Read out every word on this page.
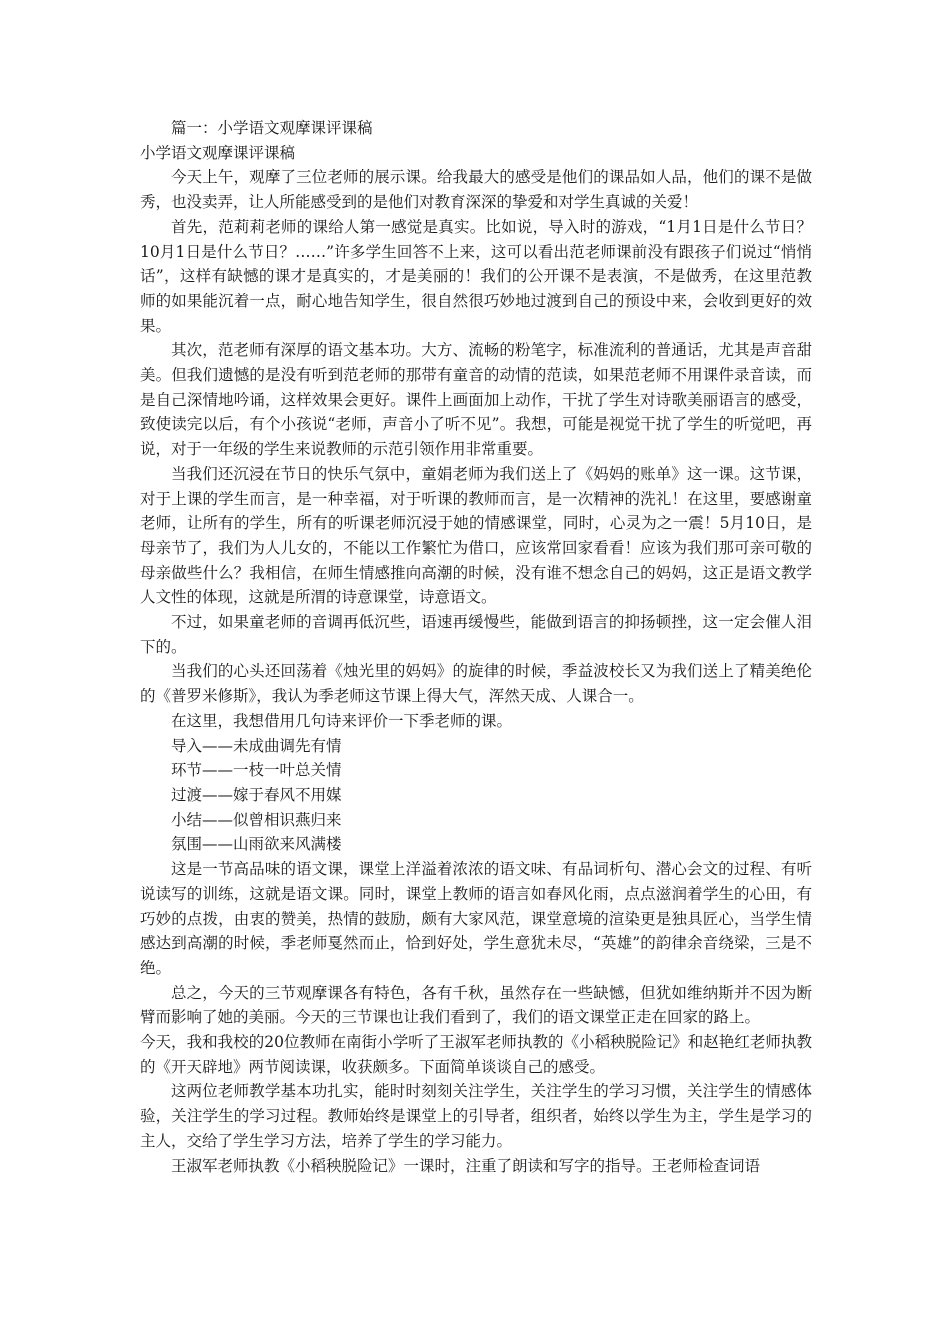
篇一：小学语文观摩课评课稿

小学语文观摩课评课稿

今天上午，观摩了三位老师的展示课。给我最大的感受是他们的课品如人品，他们的课不是做秀，也没卖弄，让人所能感受到的是他们对教育深深的挚爱和对学生真诚的关爱！

首先，范莉莉老师的课给人第一感觉是真实。比如说，导入时的游戏，“1月1日是什么节日？10月1日是什么节日？……”许多学生回答不上来，这可以看出范老师课前没有跟孩子们说过“悄悄话”，这样有缺憾的课才是真实的，才是美丽的！我们的公开课不是表演，不是做秀，在这里范教师的如果能沉着一点，耐心地告知学生，很自然很巧妙地过渡到自己的预设中来，会收到更好的效果。

其次，范老师有深厚的语文基本功。大方、流畅的粉笔字，标准流利的普通话，尤其是声音甜美。但我们遗憾的是没有听到范老师的那带有童音的动情的范读，如果范老师不用课件录音读，而是自己深情地吟诵，这样效果会更好。课件上画面加上动作，干扰了学生对诗歌美丽语言的感受，致使读完以后，有个小孩说“老师，声音小了听不见”。我想，可能是视觉干扰了学生的听觉吧，再说，对于一年级的学生来说教师的示范引领作用非常重要。

当我们还沉浸在节日的快乐气氛中，童娟老师为我们送上了《妈妈的账单》这一课。这节课，对于上课的学生而言，是一种幸福，对于听课的教师而言，是一次精神的洗礼！在这里，要感谢童老师，让所有的学生，所有的听课老师沉浸于她的情感课堂，同时，心灵为之一震！5月10日，是母亲节了，我们为人儿女的，不能以工作繁忙为借口，应该常回家看看！应该为我们那可亲可敬的母亲做些什么？我相信，在师生情感推向高潮的时候，没有谁不想念自己的妈妈，这正是语文教学人文性的体现，这就是所渭的诗意课堂，诗意语文。

不过，如果童老师的音调再低沉些，语速再缓慢些，能做到语言的抑扬顿挫，这一定会催人泪下的。

当我们的心头还回荡着《烛光里的妈妈》的旋律的时候，季益波校长又为我们送上了精美绝伦的《普罗米修斯》，我认为季老师这节课上得大气，浑然天成、人课合一。

在这里，我想借用几句诗来评价一下季老师的课。

导入——未成曲调先有情

环节——一枝一叶总关情

过渡——嫁于春风不用媒

小结——似曾相识燕归来

氛围——山雨欲来风满楼

这是一节高品味的语文课，课堂上洋溢着浓浓的语文味、有品词析句、潜心会文的过程、有听说读写的训练，这就是语文课。同时，课堂上教师的语言如春风化雨，点点滋润着学生的心田，有巧妙的点拨，由衷的赞美，热情的鼓励，颇有大家风范，课堂意境的渲染更是独具匠心，当学生情感达到高潮的时候，季老师戛然而止，恰到好处，学生意犹未尽，“英雄”的韵律余音绕梁，三是不绝。

总之，今天的三节观摩课各有特色，各有千秋，虽然存在一些缺憾，但犹如维纳斯并不因为断臂而影响了她的美丽。今天的三节课也让我们看到了，我们的语文课堂正走在回家的路上。

今天，我和我校的20位教师在南街小学听了王淑军老师执教的《小稻秧脱险记》和赵艳红老师执教的《开天辟地》两节阅读课，收获颇多。下面简单谈谈自己的感受。

这两位老师教学基本功扎实，能时时刻刻关注学生，关注学生的学习习惯，关注学生的情感体验，关注学生的学习过程。教师始终是课堂上的引导者，组织者，始终以学生为主，学生是学习的主人，交给了学生学习方法，培养了学生的学习能力。

王淑军老师执教《小稻秧脱险记》一课时，注重了朗读和写字的指导。王老师检查词语
